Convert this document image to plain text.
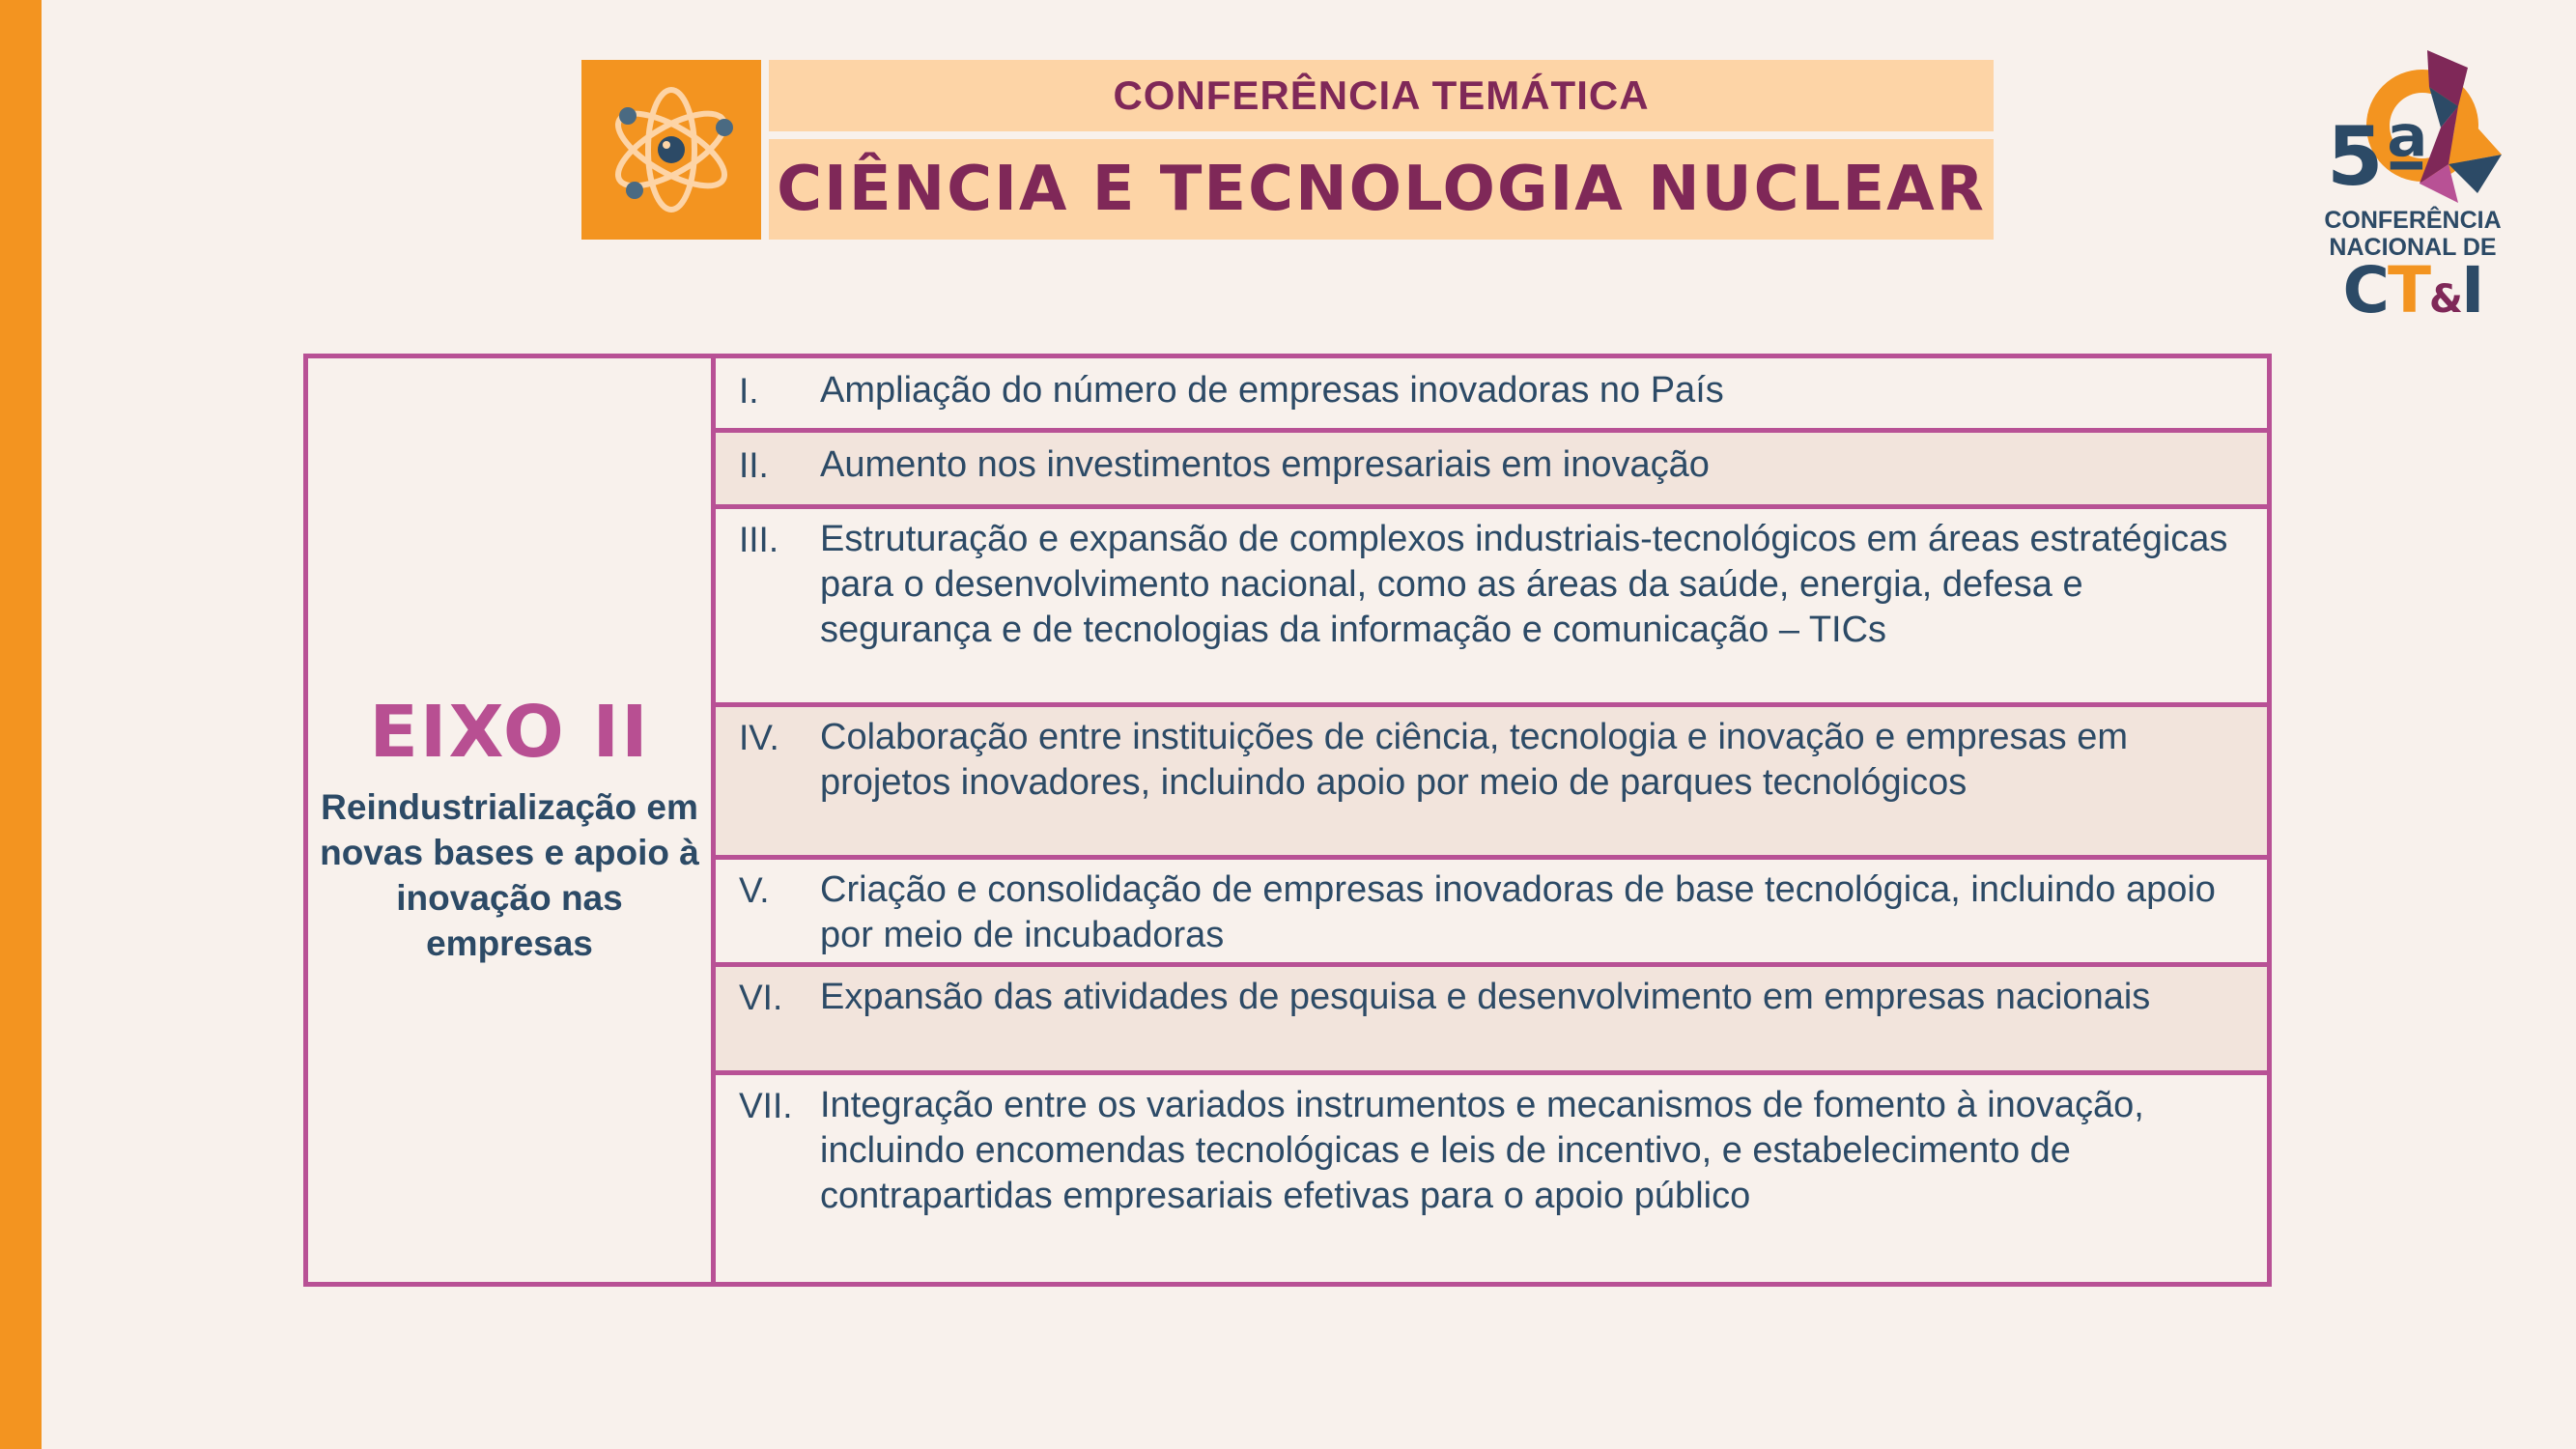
CONFERÊNCIA TEMÁTICA
CIÊNCIA E TECNOLOGIA NUCLEAR	5ª
CONFERÊNCIA
NACIONAL DE
CT&I
EIXO II
Reindustrialização em novas bases e apoio à inovação nas empresas
I.	Ampliação do número de empresas inovadoras no País
II.	Aumento nos investimentos empresariais em inovação
III.	Estruturação e expansão de complexos industriais-tecnológicos em áreas estratégicas para o desenvolvimento nacional, como as áreas da saúde, energia, defesa e segurança e de tecnologias da informação e comunicação – TICs
IV.	Colaboração entre instituições de ciência, tecnologia e inovação e empresas em projetos inovadores, incluindo apoio por meio de parques tecnológicos
V.	Criação e consolidação de empresas inovadoras de base tecnológica, incluindo apoio por meio de incubadoras
VI.	Expansão das atividades de pesquisa e desenvolvimento em empresas nacionais
VII. Integração entre os variados instrumentos e mecanismos de fomento à inovação, incluindo encomendas tecnológicas e leis de incentivo, e estabelecimento de contrapartidas empresariais efetivas para o apoio público
